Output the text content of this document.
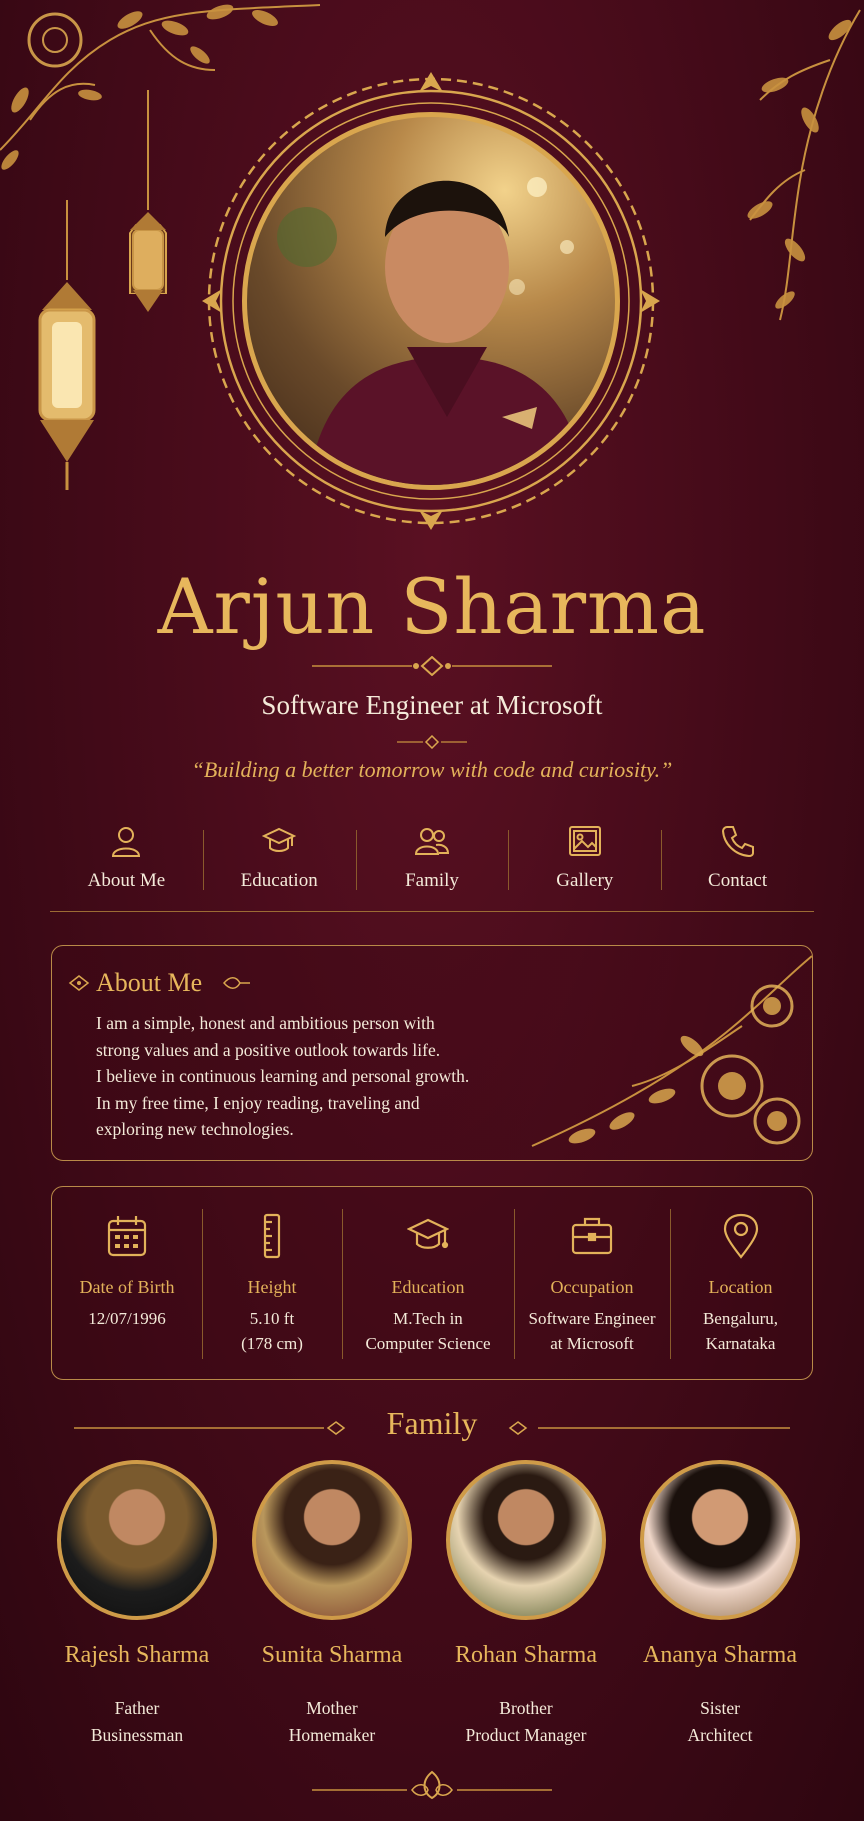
Arjun Sharma
Software Engineer at Microsoft
“Building a better tomorrow with code and curiosity.”
About Me	Education	Family	Gallery	Contact
About Me
I am a simple, honest and ambitious person with
strong values and a positive outlook towards life.
I believe in continuous learning and personal growth.
In my free time, I enjoy reading, traveling and
exploring new technologies.
Date of Birth
12/07/1996
Height
5.10 ft
(178 cm)
Education
M.Tech in
Computer Science
Occupation
Software Engineer
at Microsoft
Location
Bengaluru,
Karnataka
Family
Rajesh Sharma
Father
Businessman
Sunita Sharma
Mother
Homemaker
Rohan Sharma
Brother
Product Manager
Ananya Sharma
Sister
Architect
